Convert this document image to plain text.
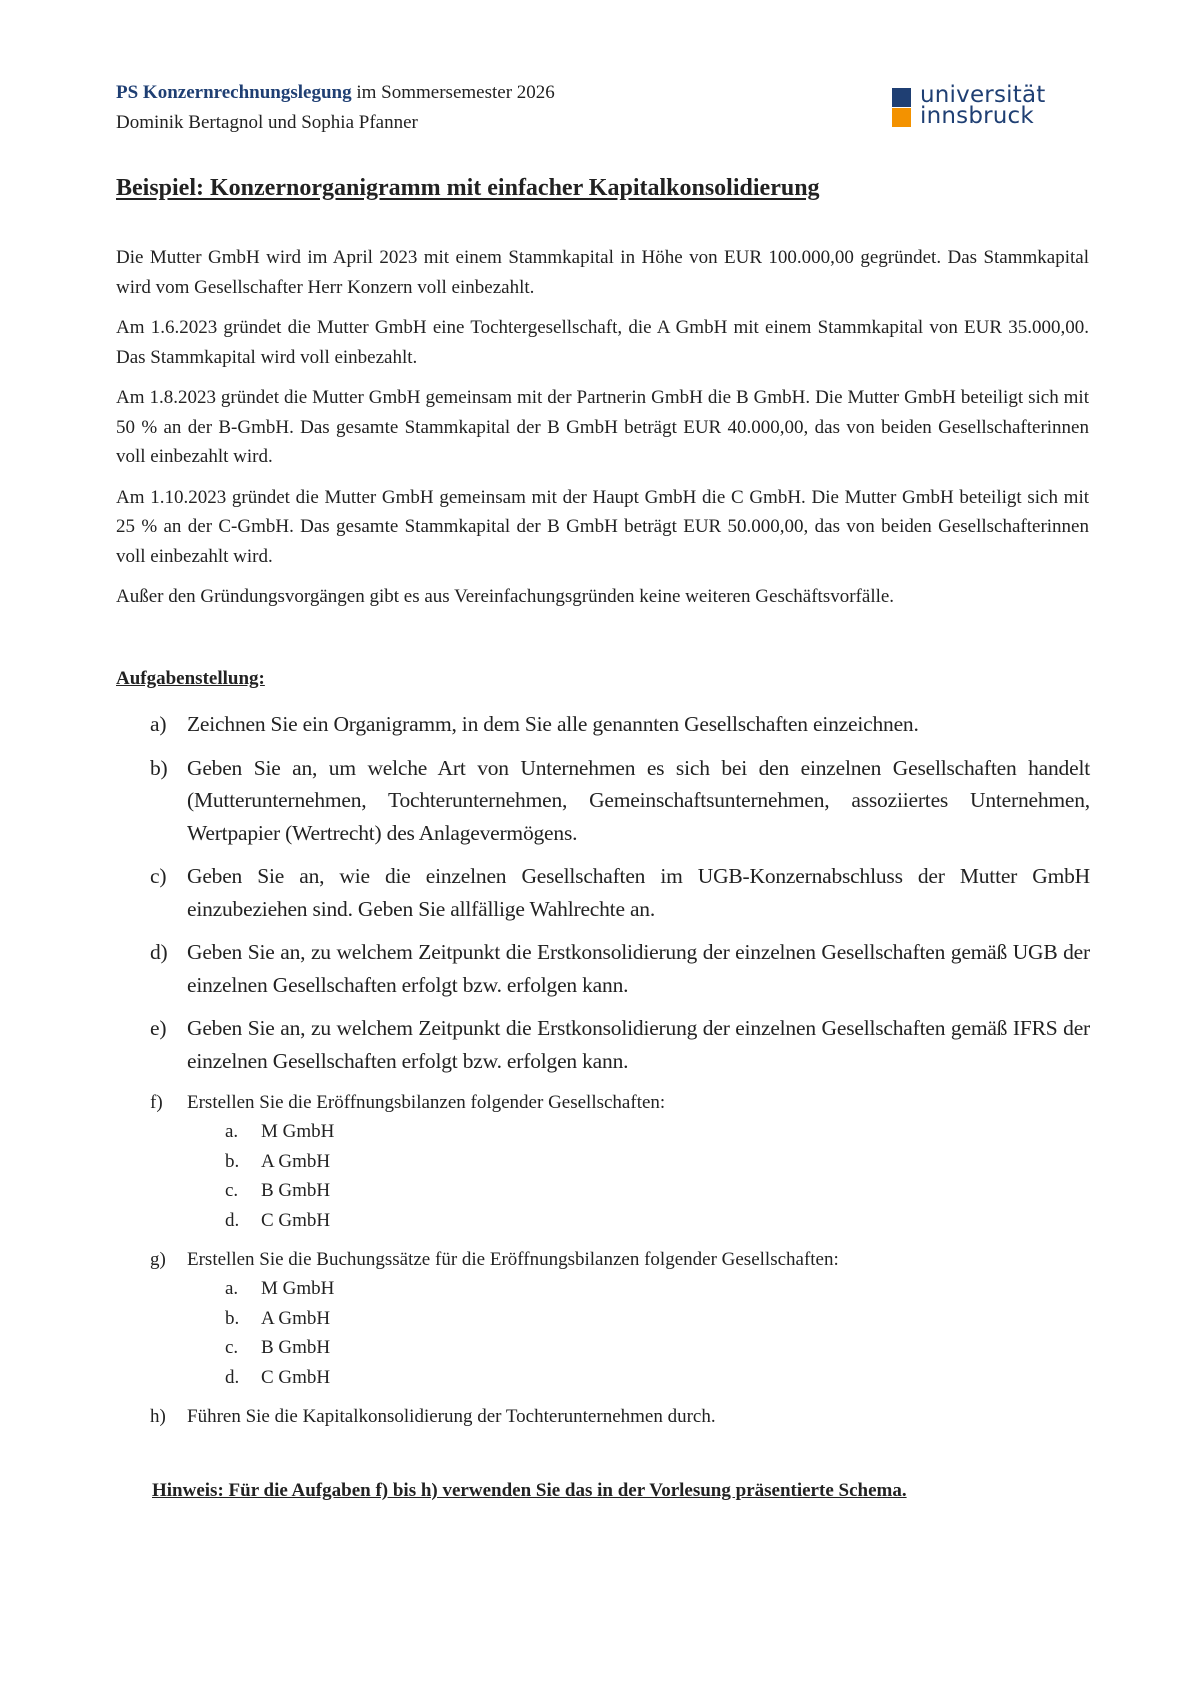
PS Konzernrechnungslegung im Sommersemester 2026
Dominik Bertagnol und Sophia Pfanner
universität
innsbruck
Beispiel: Konzernorganigramm mit einfacher Kapitalkonsolidierung

Die Mutter GmbH wird im April 2023 mit einem Stammkapital in Höhe von EUR 100.000,00 gegründet. Das Stammkapital wird vom Gesellschafter Herr Konzern voll einbezahlt.

Am 1.6.2023 gründet die Mutter GmbH eine Tochtergesellschaft, die A GmbH mit einem Stammkapital von EUR 35.000,00. Das Stammkapital wird voll einbezahlt.

Am 1.8.2023 gründet die Mutter GmbH gemeinsam mit der Partnerin GmbH die B GmbH. Die Mutter GmbH beteiligt sich mit 50 % an der B-GmbH. Das gesamte Stammkapital der B GmbH beträgt EUR 40.000,00, das von beiden Gesellschafterinnen voll einbezahlt wird.

Am 1.10.2023 gründet die Mutter GmbH gemeinsam mit der Haupt GmbH die C GmbH. Die Mutter GmbH beteiligt sich mit 25 % an der C-GmbH. Das gesamte Stammkapital der B GmbH beträgt EUR 50.000,00, das von beiden Gesellschafterinnen voll einbezahlt wird.

Außer den Gründungsvorgängen gibt es aus Vereinfachungsgründen keine weiteren Geschäftsvorfälle.

Aufgabenstellung:

a) Zeichnen Sie ein Organigramm, in dem Sie alle genannten Gesellschaften einzeichnen.
b) Geben Sie an, um welche Art von Unternehmen es sich bei den einzelnen Gesellschaften handelt (Mutterunternehmen, Tochterunternehmen, Gemeinschaftsunternehmen, assoziiertes Unternehmen, Wertpapier (Wertrecht) des Anlagevermögens.
c) Geben Sie an, wie die einzelnen Gesellschaften im UGB-Konzernabschluss der Mutter GmbH einzubeziehen sind. Geben Sie allfällige Wahlrechte an.
d) Geben Sie an, zu welchem Zeitpunkt die Erstkonsolidierung der einzelnen Gesellschaften gemäß UGB der einzelnen Gesellschaften erfolgt bzw. erfolgen kann.
e) Geben Sie an, zu welchem Zeitpunkt die Erstkonsolidierung der einzelnen Gesellschaften gemäß IFRS der einzelnen Gesellschaften erfolgt bzw. erfolgen kann.
f) Erstellen Sie die Eröffnungsbilanzen folgender Gesellschaften:
a. M GmbH
b. A GmbH
c. B GmbH
d. C GmbH
g) Erstellen Sie die Buchungssätze für die Eröffnungsbilanzen folgender Gesellschaften:
a. M GmbH
b. A GmbH
c. B GmbH
d. C GmbH
h) Führen Sie die Kapitalkonsolidierung der Tochterunternehmen durch.

Hinweis: Für die Aufgaben f) bis h) verwenden Sie das in der Vorlesung präsentierte Schema.
